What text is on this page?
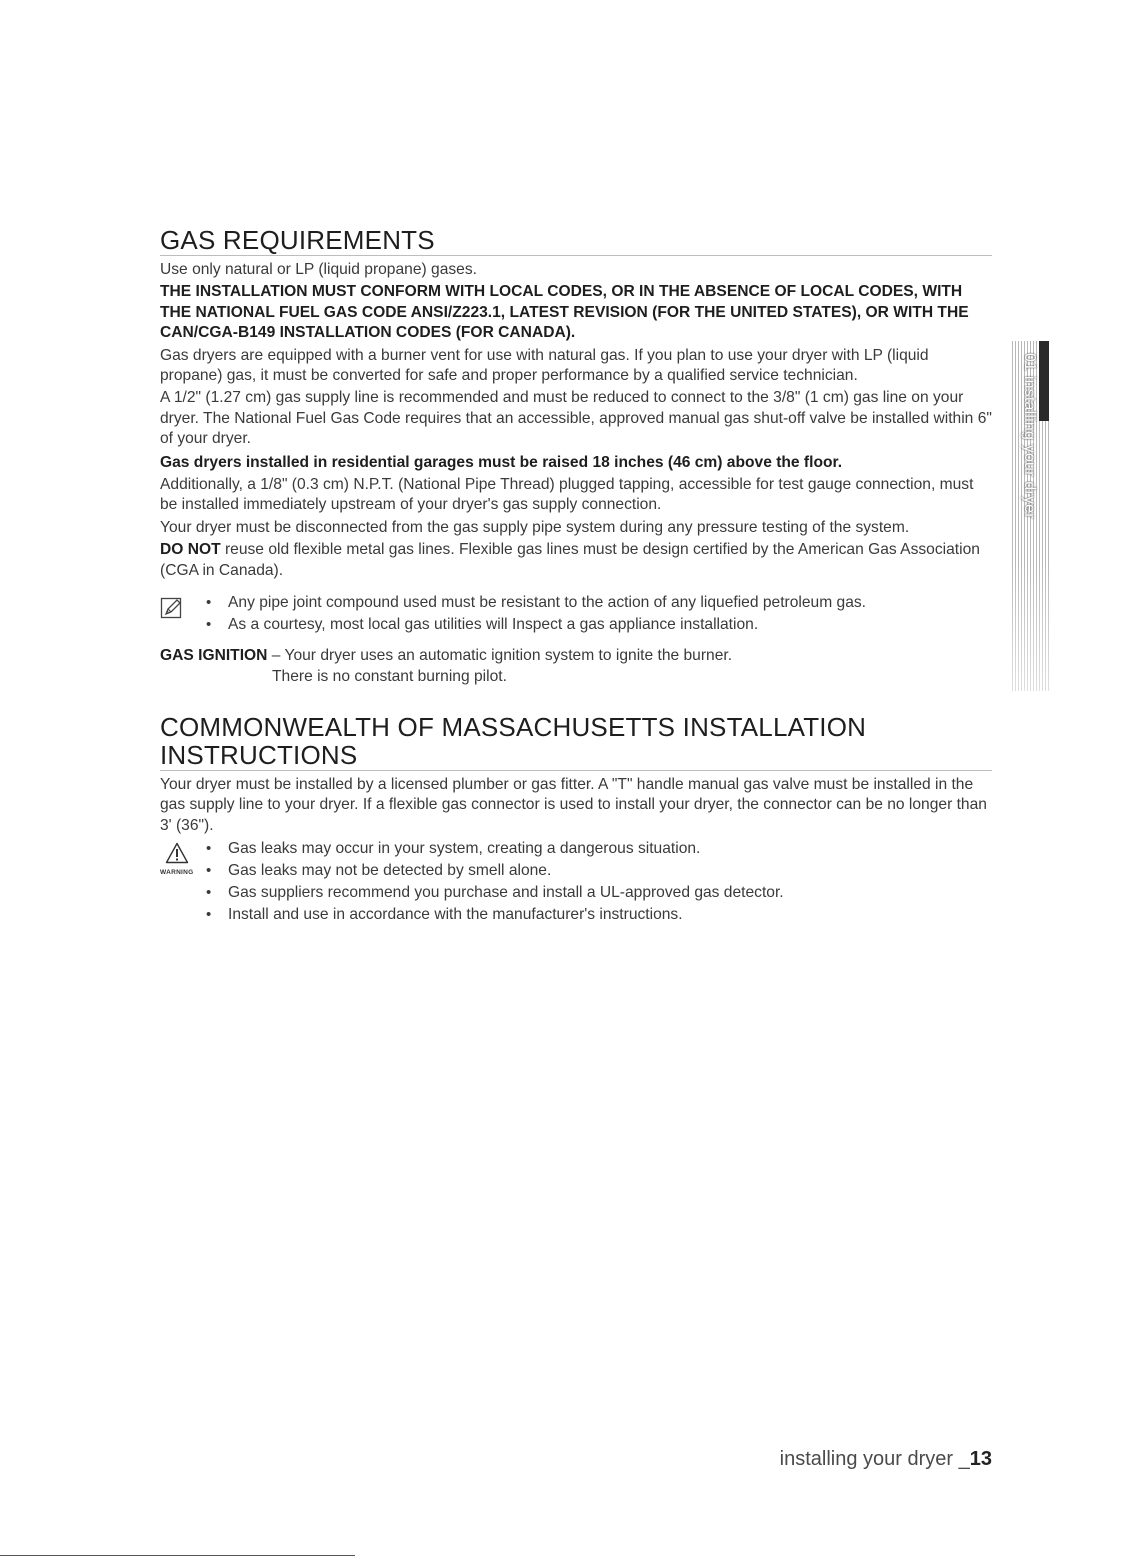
GAS REQUIREMENTS

Use only natural or LP (liquid propane) gases.

THE INSTALLATION MUST CONFORM WITH LOCAL CODES, OR IN THE ABSENCE OF LOCAL CODES, WITH THE NATIONAL FUEL GAS CODE ANSI/Z223.1, LATEST REVISION (FOR THE UNITED STATES), OR WITH THE CAN/CGA-B149 INSTALLATION CODES (FOR CANADA).

Gas dryers are equipped with a burner vent for use with natural gas. If you plan to use your dryer with LP (liquid propane) gas, it must be converted for safe and proper performance by a qualified service technician.

A 1/2" (1.27 cm) gas supply line is recommended and must be reduced to connect to the 3/8" (1 cm) gas line on your dryer. The National Fuel Gas Code requires that an accessible, approved manual gas shut-off valve be installed within 6" of your dryer.

Gas dryers installed in residential garages must be raised 18 inches (46 cm) above the floor.

Additionally, a 1/8" (0.3 cm) N.P.T. (National Pipe Thread) plugged tapping, accessible for test gauge connection, must be installed immediately upstream of your dryer's gas supply connection.

Your dryer must be disconnected from the gas supply pipe system during any pressure testing of the system.

DO NOT reuse old flexible metal gas lines. Flexible gas lines must be design certified by the American Gas Association (CGA in Canada).

• Any pipe joint compound used must be resistant to the action of any liquefied petroleum gas.
• As a courtesy, most local gas utilities will Inspect a gas appliance installation.
GAS IGNITION – Your dryer uses an automatic ignition system to ignite the burner.
There is no constant burning pilot.
COMMONWEALTH OF MASSACHUSETTS INSTALLATION
INSTRUCTIONS

Your dryer must be installed by a licensed plumber or gas fitter. A "T" handle manual gas valve must be installed in the gas supply line to your dryer. If a flexible gas connector is used to install your dryer, the connector can be no longer than 3' (36").

WARNING
• Gas leaks may occur in your system, creating a dangerous situation.
• Gas leaks may not be detected by smell alone.
• Gas suppliers recommend you purchase and install a UL-approved gas detector.
• Install and use in accordance with the manufacturer's instructions.
01 installing your dryer
installing your dryer _13
